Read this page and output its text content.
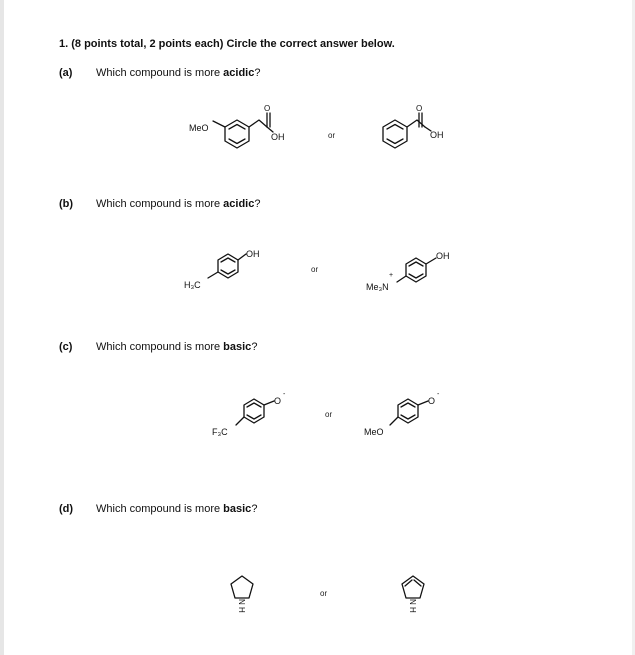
1. (8 points total, 2 points each) Circle the correct answer below.
(a) Which compound is more acidic?
MeO
O
OH	or
O
OH
(b) Which compound is more acidic?
OH
H₃C
or
OH
Me₃N
+
(c) Which compound is more basic?
O
-
F₃C
or
O
-
MeO
(d) Which compound is more basic?
N
H
or
N
H
